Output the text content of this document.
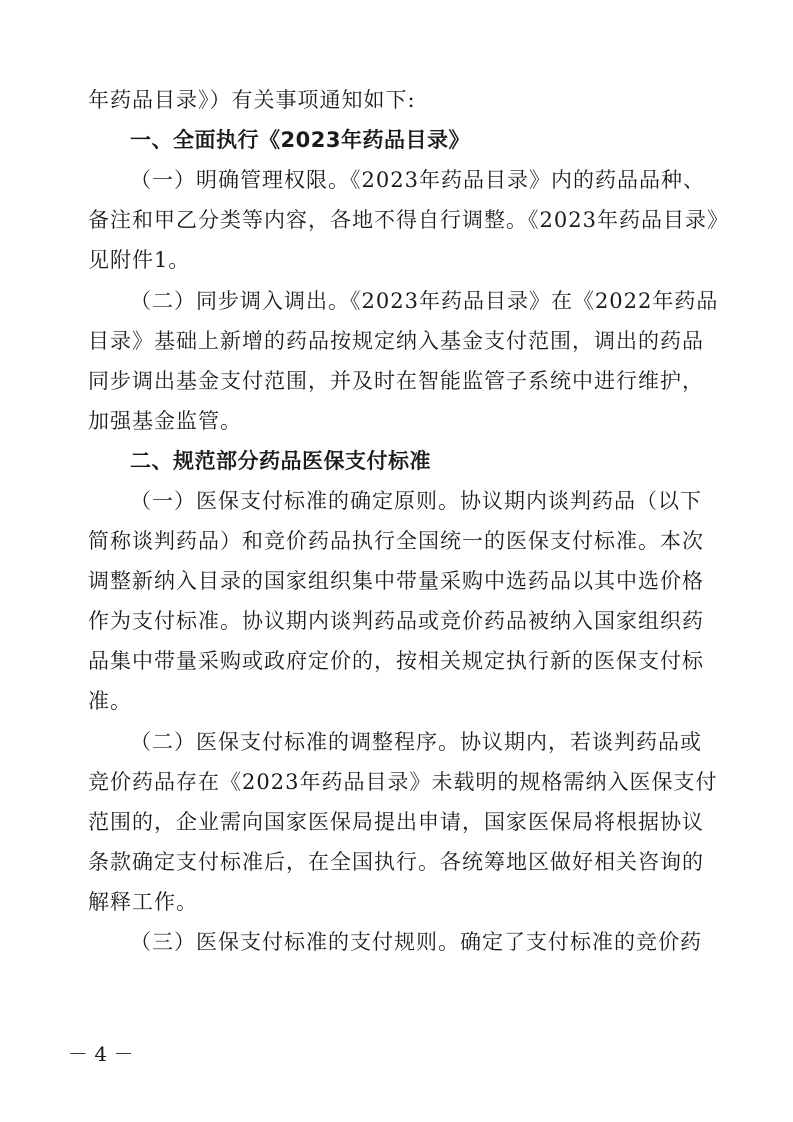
年药品目录》）有关事项通知如下:
一、全面执行《2023年药品目录》
（一）明确管理权限。《2023年药品目录》内的药品品种、
备注和甲乙分类等内容，各地不得自行调整。《2023年药品目录》
见附件1。
（二）同步调入调出。《2023年药品目录》在《2022年药品
目录》基础上新增的药品按规定纳入基金支付范围，调出的药品
同步调出基金支付范围，并及时在智能监管子系统中进行维护，
加强基金监管。
二、规范部分药品医保支付标准
（一）医保支付标准的确定原则。协议期内谈判药品（以下
简称谈判药品）和竞价药品执行全国统一的医保支付标准。本次
调整新纳入目录的国家组织集中带量采购中选药品以其中选价格
作为支付标准。协议期内谈判药品或竞价药品被纳入国家组织药
品集中带量采购或政府定价的，按相关规定执行新的医保支付标
准。
（二）医保支付标准的调整程序。协议期内，若谈判药品或
竞价药品存在《2023年药品目录》未载明的规格需纳入医保支付
范围的，企业需向国家医保局提出申请，国家医保局将根据协议
条款确定支付标准后，在全国执行。各统筹地区做好相关咨询的
解释工作。
（三）医保支付标准的支付规则。确定了支付标准的竞价药
－ 4 －
